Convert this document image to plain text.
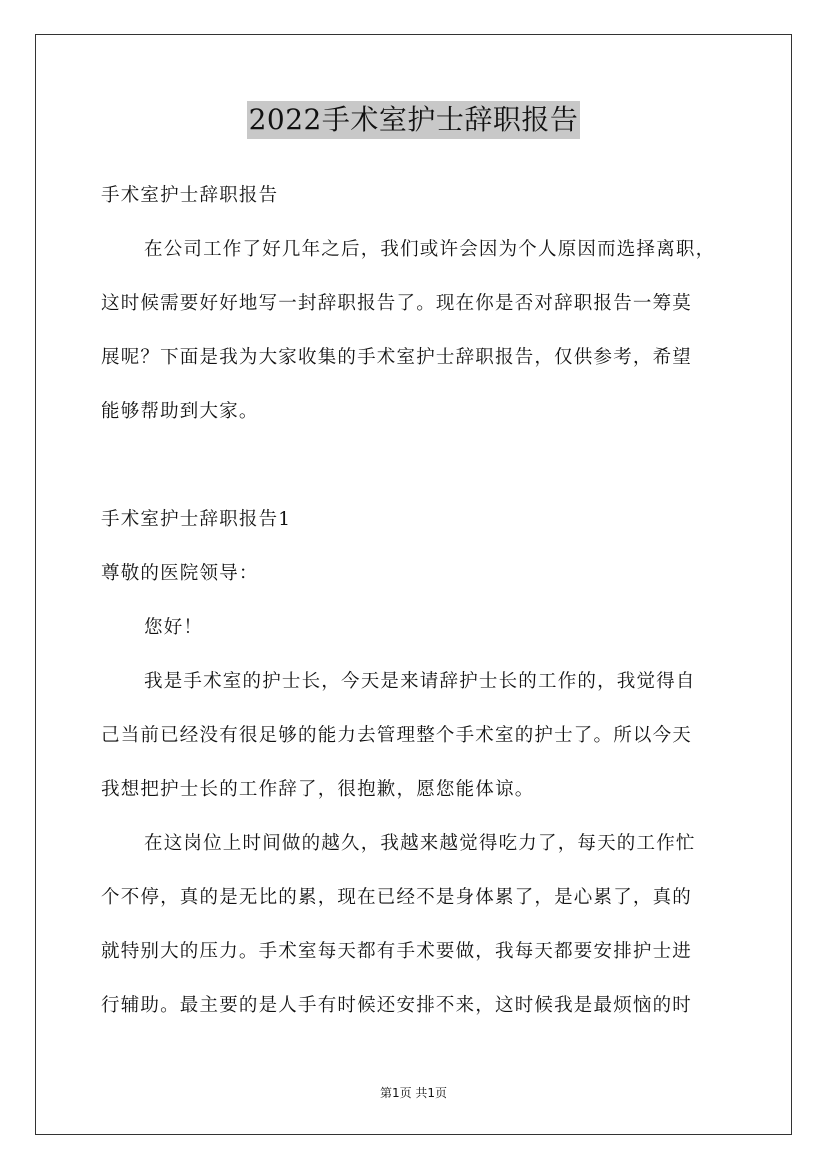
2022手术室护士辞职报告

手术室护士辞职报告

在公司工作了好几年之后，我们或许会因为个人原因而选择离职，

这时候需要好好地写一封辞职报告了。现在你是否对辞职报告一筹莫

展呢？下面是我为大家收集的手术室护士辞职报告，仅供参考，希望

能够帮助到大家。

手术室护士辞职报告1

尊敬的医院领导：

您好！

我是手术室的护士长，今天是来请辞护士长的工作的，我觉得自

己当前已经没有很足够的能力去管理整个手术室的护士了。所以今天

我想把护士长的工作辞了，很抱歉，愿您能体谅。

在这岗位上时间做的越久，我越来越觉得吃力了，每天的工作忙

个不停，真的是无比的累，现在已经不是身体累了，是心累了，真的

就特别大的压力。手术室每天都有手术要做，我每天都要安排护士进

行辅助。最主要的是人手有时候还安排不来，这时候我是最烦恼的时

第1页 共1页
